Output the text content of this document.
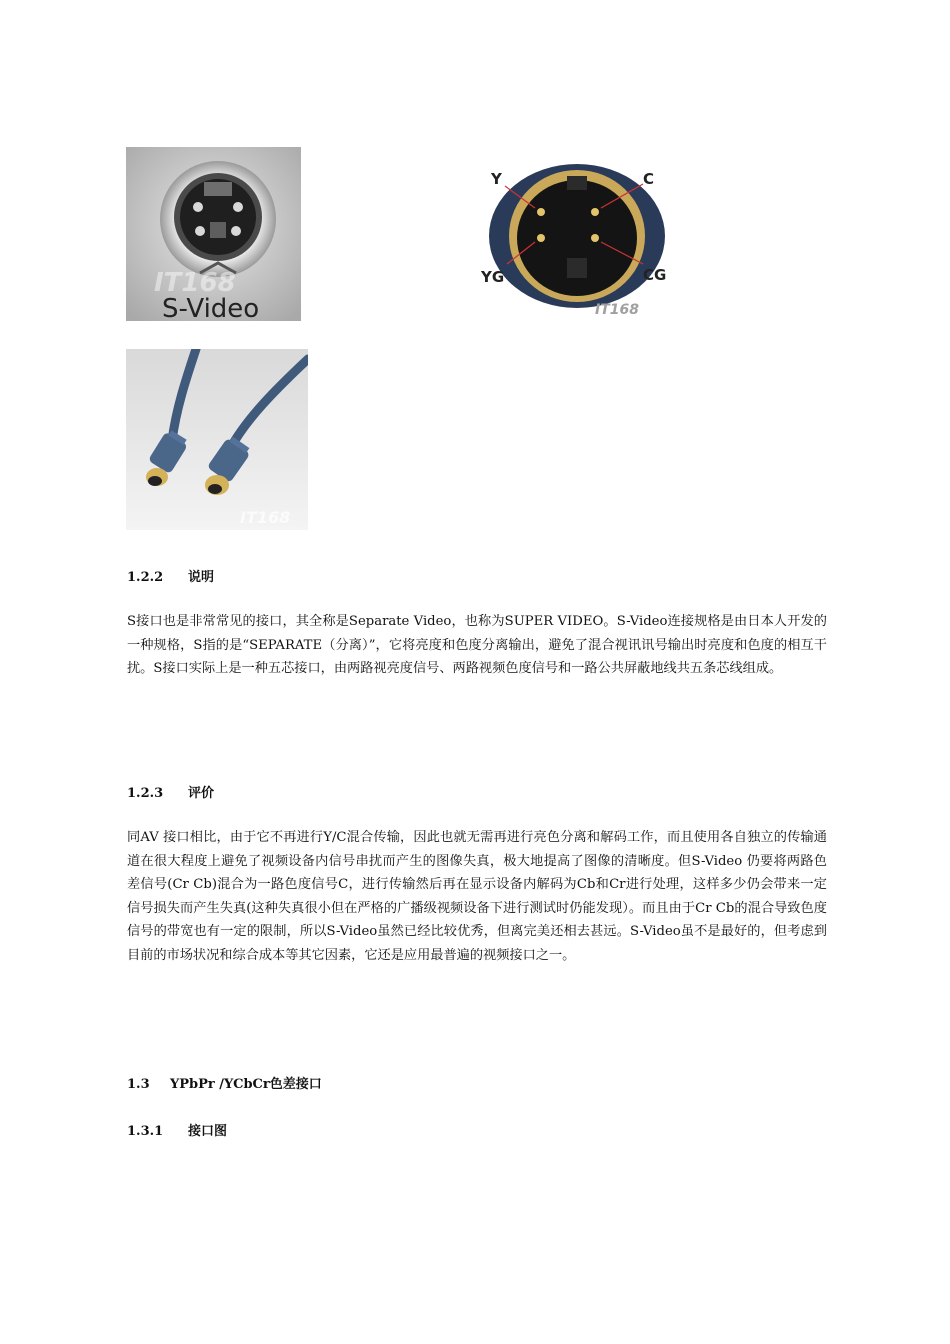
IT168
S-Video
Y	C
YG	CG
IT168
IT168
1.2.2 说明

S接口也是非常常见的接口，其全称是Separate Video，也称为SUPER VIDEO。S-Video连接规格是由日本人开发的一种规格，S指的是“SEPARATE（分离）”，它将亮度和色度分离输出，避免了混合视讯讯号输出时亮度和色度的相互干扰。S接口实际上是一种五芯接口，由两路视亮度信号、两路视频色度信号和一路公共屏蔽地线共五条芯线组成。

1.2.3 评价

同AV 接口相比，由于它不再进行Y/C混合传输，因此也就无需再进行亮色分离和解码工作，而且使用各自独立的传输通道在很大程度上避免了视频设备内信号串扰而产生的图像失真，极大地提高了图像的清晰度。但S-Video 仍要将两路色差信号(Cr Cb)混合为一路色度信号C，进行传输然后再在显示设备内解码为Cb和Cr进行处理，这样多少仍会带来一定信号损失而产生失真(这种失真很小但在严格的广播级视频设备下进行测试时仍能发现）。而且由于Cr Cb的混合导致色度信号的带宽也有一定的限制，所以S-Video虽然已经比较优秀，但离完美还相去甚远。S-Video虽不是最好的，但考虑到目前的市场状况和综合成本等其它因素，它还是应用最普遍的视频接口之一。

1.3 YPbPr /YCbCr色差接口
1.3.1 接口图
